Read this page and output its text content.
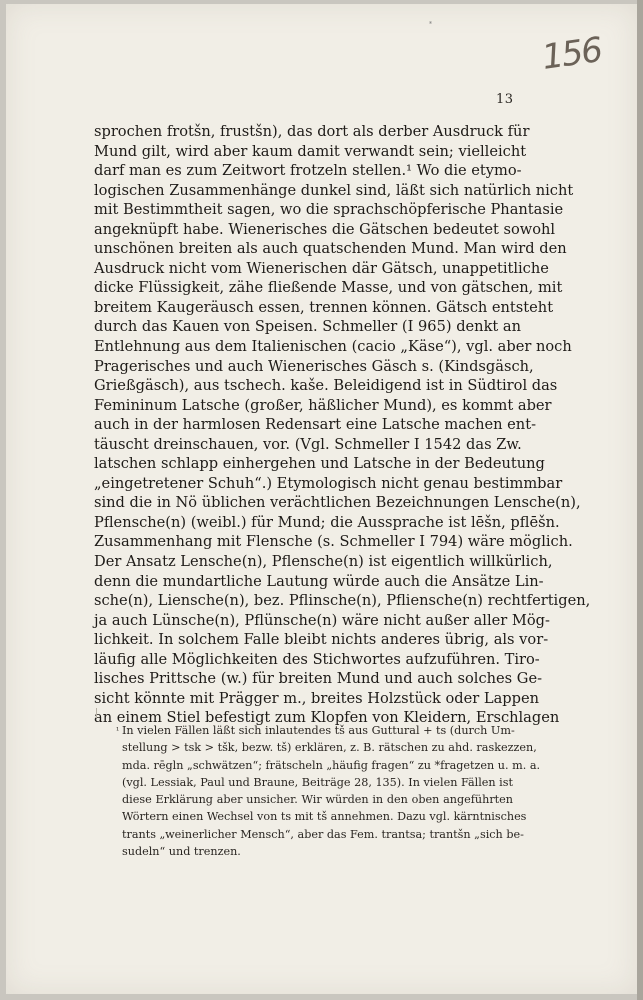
*
156
13

sprochen frotšn, frustšn), das dort als derber Ausdruck für
Mund gilt, wird aber kaum damit verwandt sein; vielleicht
darf man es zum Zeitwort frotzeln stellen.¹ Wo die etymo-
logischen Zusammenhänge dunkel sind, läßt sich natürlich nicht
mit Bestimmtheit sagen, wo die sprachschöpferische Phantasie
angeknüpft habe. Wienerisches die Gätschen bedeutet sowohl
unschönen breiten als auch quatschenden Mund. Man wird den
Ausdruck nicht vom Wienerischen där Gätsch, unappetitliche
dicke Flüssigkeit, zähe fließende Masse, und von gätschen, mit
breitem Kaugeräusch essen, trennen können. Gätsch entsteht
durch das Kauen von Speisen. Schmeller (I 965) denkt an
Entlehnung aus dem Italienischen (cacio „Käse“), vgl. aber noch
Pragerisches und auch Wienerisches Gäsch s. (Kindsgäsch,
Grießgäsch), aus tschech. kaše. Beleidigend ist in Südtirol das
Femininum Latsche (großer, häßlicher Mund), es kommt aber
auch in der harmlosen Redensart eine Latsche machen ent-
täuscht dreinschauen, vor. (Vgl. Schmeller I 1542 das Zw.
latschen schlapp einhergehen und Latsche in der Bedeutung
„eingetretener Schuh“.) Etymologisch nicht genau bestimmbar
sind die in Nö üblichen verächtlichen Bezeichnungen Lensche(n),
Pflensche(n) (weibl.) für Mund; die Aussprache ist lēšn, pflēšn.
Zusammenhang mit Flensche (s. Schmeller I 794) wäre möglich.
Der Ansatz Lensche(n), Pflensche(n) ist eigentlich willkürlich,
denn die mundartliche Lautung würde auch die Ansätze Lin-
sche(n), Liensche(n), bez. Pflinsche(n), Pfliensche(n) rechtfertigen,
ja auch Lünsche(n), Pflünsche(n) wäre nicht außer aller Mög-
lichkeit. In solchem Falle bleibt nichts anderes übrig, als vor-
läufig alle Möglichkeiten des Stichwortes aufzuführen. Tiro-
lisches Prittsche (w.) für breiten Mund und auch solches Ge-
sicht könnte mit Prägger m., breites Holzstück oder Lappen
an einem Stiel befestigt zum Klopfen von Kleidern, Erschlagen

¹ In vielen Fällen läßt sich inlautendes tš aus Guttural + ts (durch Um-
stellung > tsk > tšk, bezw. tš) erklären, z. B. rätschen zu ahd. raskezzen,
mda. rēgln „schwätzen“; frätscheln „häufig fragen“ zu *fragetzen u. m. a.
(vgl. Lessiak, Paul und Braune, Beiträge 28, 135). In vielen Fällen ist
diese Erklärung aber unsicher. Wir würden in den oben angeführten
Wörtern einen Wechsel von ts mit tš annehmen. Dazu vgl. kärntnisches
trants „weinerlicher Mensch“, aber das Fem. trantsa; trantšn „sich be-
sudeln“ und trenzen.
